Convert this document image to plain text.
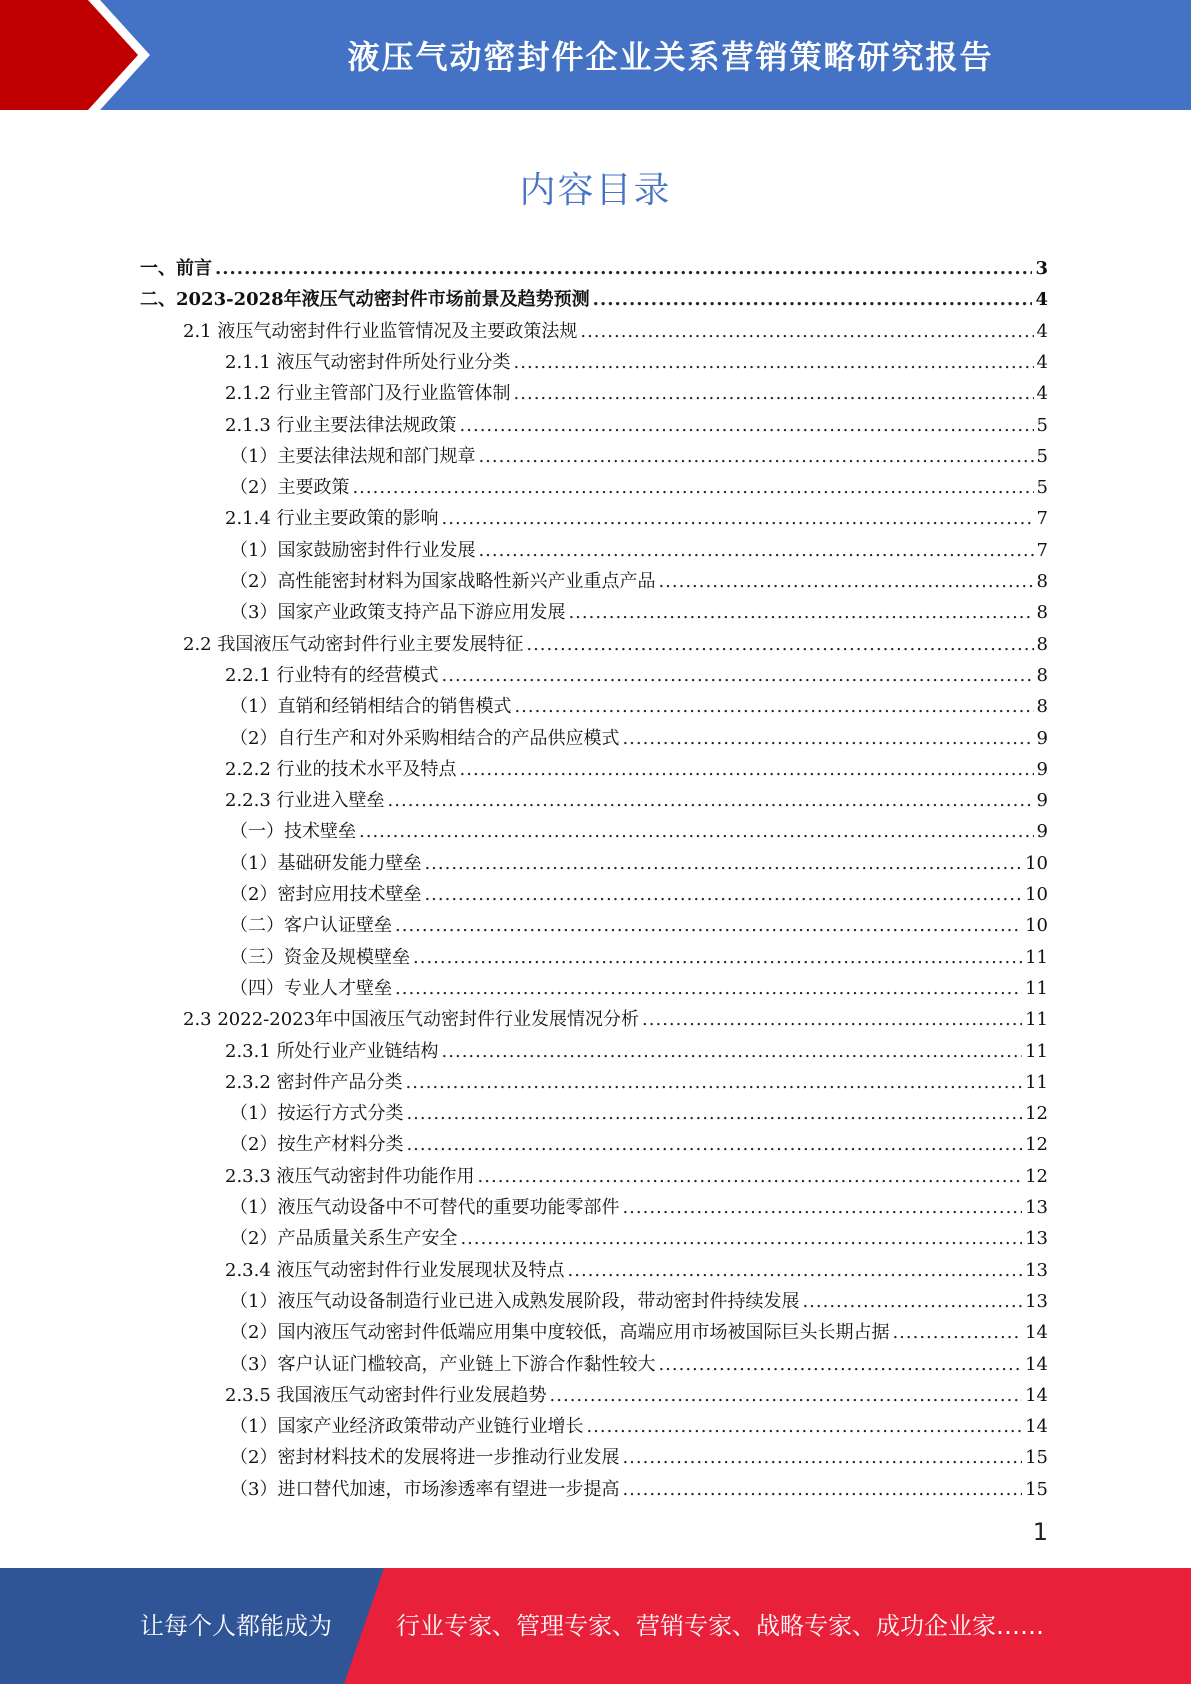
液压气动密封件企业关系营销策略研究报告
内容目录
一、前言 .....	3
二、2023-2028年液压气动密封件市场前景及趋势预测 .....	4
2.1 液压气动密封件行业监管情况及主要政策法规 .....	4
2.1.1 液压气动密封件所处行业分类 .....	4
2.1.2 行业主管部门及行业监管体制 .....	4
2.1.3 行业主要法律法规政策 .....	5
（1）主要法律法规和部门规章 .....	5
（2）主要政策 .....	5
2.1.4 行业主要政策的影响 .....	7
（1）国家鼓励密封件行业发展 .....	7
（2）高性能密封材料为国家战略性新兴产业重点产品 .....	8
（3）国家产业政策支持产品下游应用发展 .....	8
2.2 我国液压气动密封件行业主要发展特征 .....	8
2.2.1 行业特有的经营模式 .....	8
（1）直销和经销相结合的销售模式 .....	8
（2）自行生产和对外采购相结合的产品供应模式 .....	9
2.2.2 行业的技术水平及特点 .....	9
2.2.3 行业进入壁垒 .....	9
（一）技术壁垒 .....	9
（1）基础研发能力壁垒 .....	10
（2）密封应用技术壁垒 .....	10
（二）客户认证壁垒 .....	10
（三）资金及规模壁垒 .....	11
（四）专业人才壁垒 .....	11
2.3 2022-2023年中国液压气动密封件行业发展情况分析 .....	11
2.3.1 所处行业产业链结构 .....	11
2.3.2 密封件产品分类 .....	11
（1）按运行方式分类 .....	12
（2）按生产材料分类 .....	12
2.3.3 液压气动密封件功能作用 .....	12
（1）液压气动设备中不可替代的重要功能零部件 .....	13
（2）产品质量关系生产安全 .....	13
2.3.4 液压气动密封件行业发展现状及特点 .....	13
（1）液压气动设备制造行业已进入成熟发展阶段，带动密封件持续发展 .....	13
（2）国内液压气动密封件低端应用集中度较低，高端应用市场被国际巨头长期占据 .....	14
（3）客户认证门槛较高，产业链上下游合作黏性较大 .....	14
2.3.5 我国液压气动密封件行业发展趋势 .....	14
（1）国家产业经济政策带动产业链行业增长 .....	14
（2）密封材料技术的发展将进一步推动行业发展 .....	15
（3）进口替代加速，市场渗透率有望进一步提高 .....	15
1
让每个人都能成为	行业专家、管理专家、营销专家、战略专家、成功企业家……
